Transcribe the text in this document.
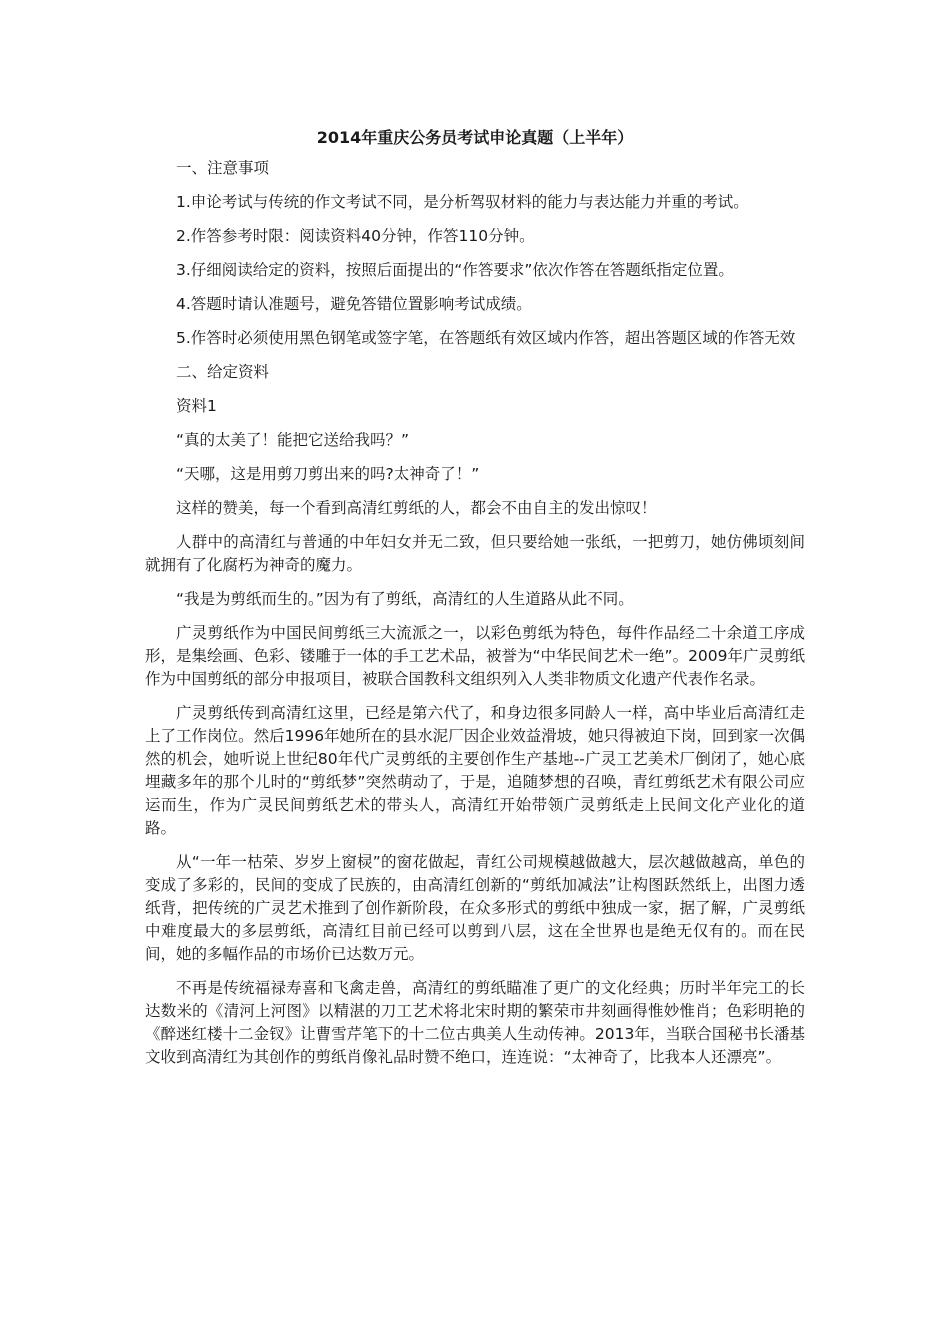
2014年重庆公务员考试申论真题（上半年）

一、注意事项

1.申论考试与传统的作文考试不同，是分析驾驭材料的能力与表达能力并重的考试。

2.作答参考时限：阅读资料40分钟，作答110分钟。

3.仔细阅读给定的资料，按照后面提出的“作答要求”依次作答在答题纸指定位置。

4.答题时请认准题号，避免答错位置影响考试成绩。

5.作答时必须使用黑色钢笔或签字笔，在答题纸有效区域内作答，超出答题区域的作答无效

二、给定资料

资料1

“真的太美了！能把它送给我吗？”

“天哪，这是用剪刀剪出来的吗?太神奇了！”

这样的赞美，每一个看到高清红剪纸的人，都会不由自主的发出惊叹！

人群中的高清红与普通的中年妇女并无二致，但只要给她一张纸，一把剪刀，她仿佛顷刻间就拥有了化腐朽为神奇的魔力。

“我是为剪纸而生的。”因为有了剪纸，高清红的人生道路从此不同。

广灵剪纸作为中国民间剪纸三大流派之一，以彩色剪纸为特色，每件作品经二十余道工序成形，是集绘画、色彩、镂雕于一体的手工艺术品，被誉为“中华民间艺术一绝”。2009年广灵剪纸作为中国剪纸的部分申报项目，被联合国教科文组织列入人类非物质文化遗产代表作名录。

广灵剪纸传到高清红这里，已经是第六代了，和身边很多同龄人一样，高中毕业后高清红走上了工作岗位。然后1996年她所在的县水泥厂因企业效益滑坡，她只得被迫下岗，回到家一次偶然的机会，她听说上世纪80年代广灵剪纸的主要创作生产基地--广灵工艺美术厂倒闭了，她心底埋藏多年的那个儿时的“剪纸梦”突然萌动了，于是，追随梦想的召唤，青红剪纸艺术有限公司应运而生，作为广灵民间剪纸艺术的带头人，高清红开始带领广灵剪纸走上民间文化产业化的道路。

从“一年一枯荣、岁岁上窗棂”的窗花做起，青红公司规模越做越大，层次越做越高，单色的变成了多彩的，民间的变成了民族的，由高清红创新的“剪纸加减法”让构图跃然纸上，出图力透纸背，把传统的广灵艺术推到了创作新阶段，在众多形式的剪纸中独成一家，据了解，广灵剪纸中难度最大的多层剪纸，高清红目前已经可以剪到八层，这在全世界也是绝无仅有的。而在民间，她的多幅作品的市场价已达数万元。

不再是传统福禄寿喜和飞禽走兽，高清红的剪纸瞄准了更广的文化经典；历时半年完工的长达数米的《清河上河图》以精湛的刀工艺术将北宋时期的繁荣市井刻画得惟妙惟肖；色彩明艳的《醉迷红楼十二金钗》让曹雪芹笔下的十二位古典美人生动传神。2013年，当联合国秘书长潘基文收到高清红为其创作的剪纸肖像礼品时赞不绝口，连连说：“太神奇了，比我本人还漂亮”。
